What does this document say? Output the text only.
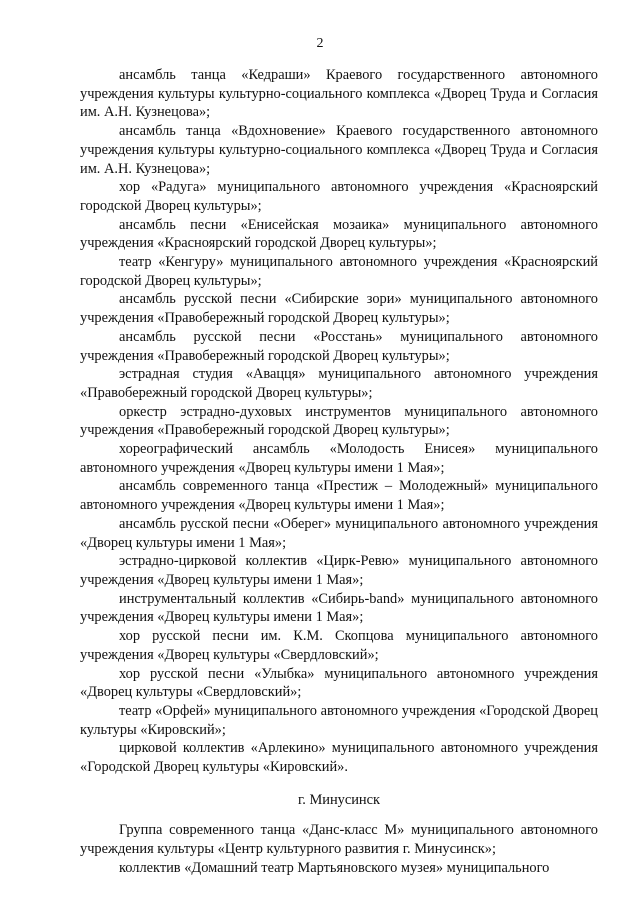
2

ансамбль танца «Кедраши» Краевого государственного автономного учреждения культуры культурно-социального комплекса «Дворец Труда и Согласия им. А.Н. Кузнецова»;

ансамбль танца «Вдохновение» Краевого государственного автономного учреждения культуры культурно-социального комплекса «Дворец Труда и Согласия им. А.Н. Кузнецова»;

хор «Радуга» муниципального автономного учреждения «Красноярский городской Дворец культуры»;

ансамбль песни «Енисейская мозаика» муниципального автономного учреждения «Красноярский городской Дворец культуры»;

театр «Кенгуру» муниципального автономного учреждения «Красноярский городской Дворец культуры»;

ансамбль русской песни «Сибирские зори» муниципального автономного учреждения «Правобережный городской Дворец культуры»;

ансамбль русской песни «Росстань» муниципального автономного учреждения «Правобережный городской Дворец культуры»;

эстрадная студия «Авацця» муниципального автономного учреждения «Правобережный городской Дворец культуры»;

оркестр эстрадно-духовых инструментов муниципального автономного учреждения «Правобережный городской Дворец культуры»;

хореографический ансамбль «Молодость Енисея» муниципального автономного учреждения «Дворец культуры имени 1 Мая»;

ансамбль современного танца «Престиж – Молодежный» муниципального автономного учреждения «Дворец культуры имени 1 Мая»;

ансамбль русской песни «Оберег» муниципального автономного учреждения «Дворец культуры имени 1 Мая»;

эстрадно-цирковой коллектив «Цирк-Ревю» муниципального автономного учреждения «Дворец культуры имени 1 Мая»;

инструментальный коллектив «Сибирь-band» муниципального автономного учреждения «Дворец культуры имени 1 Мая»;

хор русской песни им. К.М. Скопцова муниципального автономного учреждения «Дворец культуры «Свердловский»;

хор русской песни «Улыбка» муниципального автономного учреждения «Дворец культуры «Свердловский»;

театр «Орфей» муниципального автономного учреждения «Городской Дворец культуры «Кировский»;

цирковой коллектив «Арлекино» муниципального автономного учреждения «Городской Дворец культуры «Кировский».

г. Минусинск

Группа современного танца «Данс-класс М» муниципального автономного учреждения культуры «Центр культурного развития г. Минусинск»;

коллектив «Домашний театр Мартьяновского музея» муниципального
